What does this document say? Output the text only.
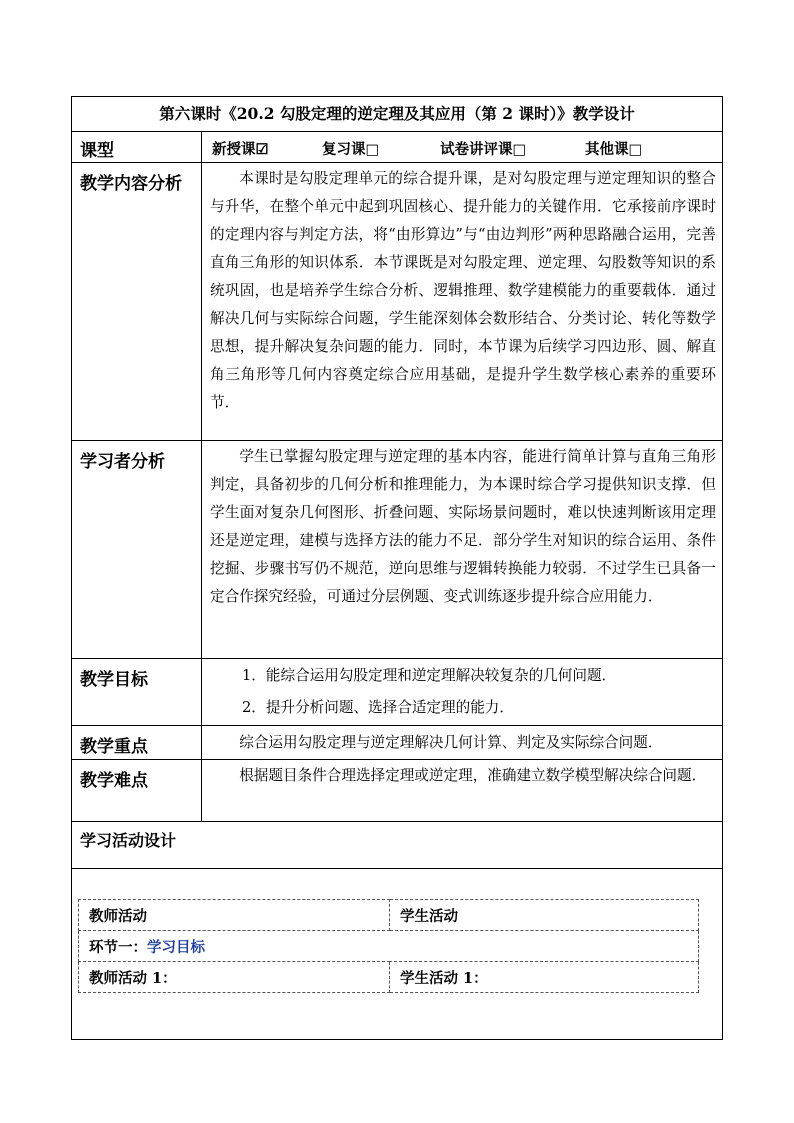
第六课时《20.2 勾股定理的逆定理及其应用（第 2 课时）》教学设计

课型	新授课☑	复习课□	试卷讲评课□	其他课□

教学内容分析	本课时是勾股定理单元的综合提升课，是对勾股定理与逆定理知识的整合与升华，在整个单元中起到巩固核心、提升能力的关键作用．它承接前序课时的定理内容与判定方法，将“由形算边”与“由边判形”两种思路融合运用，完善直角三角形的知识体系．本节课既是对勾股定理、逆定理、勾股数等知识的系统巩固，也是培养学生综合分析、逻辑推理、数学建模能力的重要载体．通过解决几何与实际综合问题，学生能深刻体会数形结合、分类讨论、转化等数学思想，提升解决复杂问题的能力．同时，本节课为后续学习四边形、圆、解直角三角形等几何内容奠定综合应用基础，是提升学生数学核心素养的重要环节．

学习者分析	学生已掌握勾股定理与逆定理的基本内容，能进行简单计算与直角三角形判定，具备初步的几何分析和推理能力，为本课时综合学习提供知识支撑．但学生面对复杂几何图形、折叠问题、实际场景问题时，难以快速判断该用定理还是逆定理，建模与选择方法的能力不足．部分学生对知识的综合运用、条件挖掘、步骤书写仍不规范，逆向思维与逻辑转换能力较弱．不过学生已具备一定合作探究经验，可通过分层例题、变式训练逐步提升综合应用能力．

教学目标	1．能综合运用勾股定理和逆定理解决较复杂的几何问题．
2．提升分析问题、选择合适定理的能力．

教学重点	综合运用勾股定理与逆定理解决几何计算、判定及实际综合问题．

教学难点	根据题目条件合理选择定理或逆定理，准确建立数学模型解决综合问题．

学习活动设计

教师活动	学生活动
环节一：学习目标
教师活动 1：	学生活动 1：
